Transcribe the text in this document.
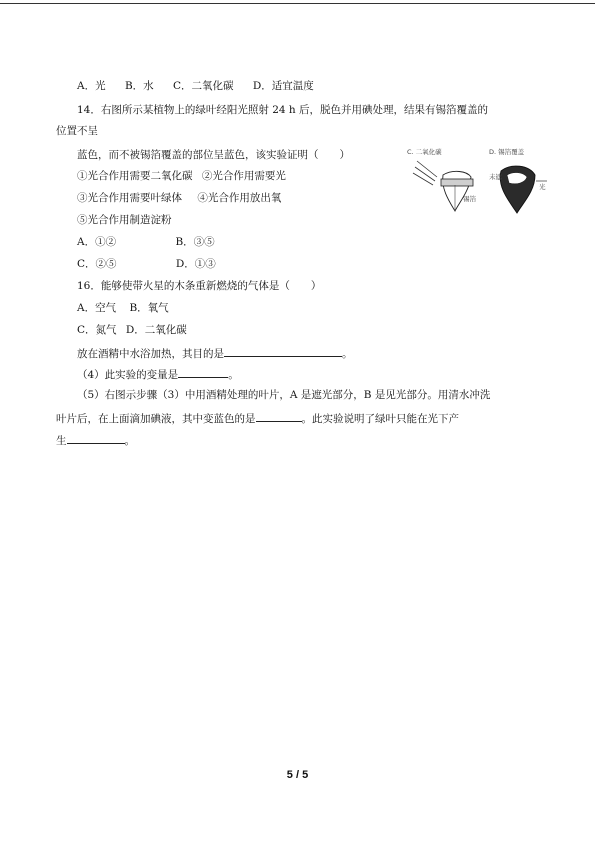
A．光 B．水 C．二氧化碳 D．适宜温度
14．右图所示某植物上的绿叶经阳光照射 24 h 后，脱色并用碘处理，结果有锡箔覆盖的
位置不呈
蓝色，而不被锡箔覆盖的部位呈蓝色，该实验证明（　　）
①光合作用需要二氧化碳 ②光合作用需要光
③光合作用需要叶绿体 ④光合作用放出氧
⑤光合作用制造淀粉
A．①②	B．③⑤
C．②⑤	D．①③
C. 二氧化碳	D. 锡箔覆盖
锡箔
未遮
光
16．能够使带火星的木条重新燃烧的气体是（　　）
A．空气 B．氧气
C．氮气 D．二氧化碳
放在酒精中水浴加热，其目的是	。
（4）此实验的变量是	。
（5）右图示步骤（3）中用酒精处理的叶片，A 是遮光部分，B 是见光部分。用清水冲洗
叶片后，在上面滴加碘液，其中变蓝色的是	。此实验说明了绿叶只能在光下产
生	。
5 / 5
